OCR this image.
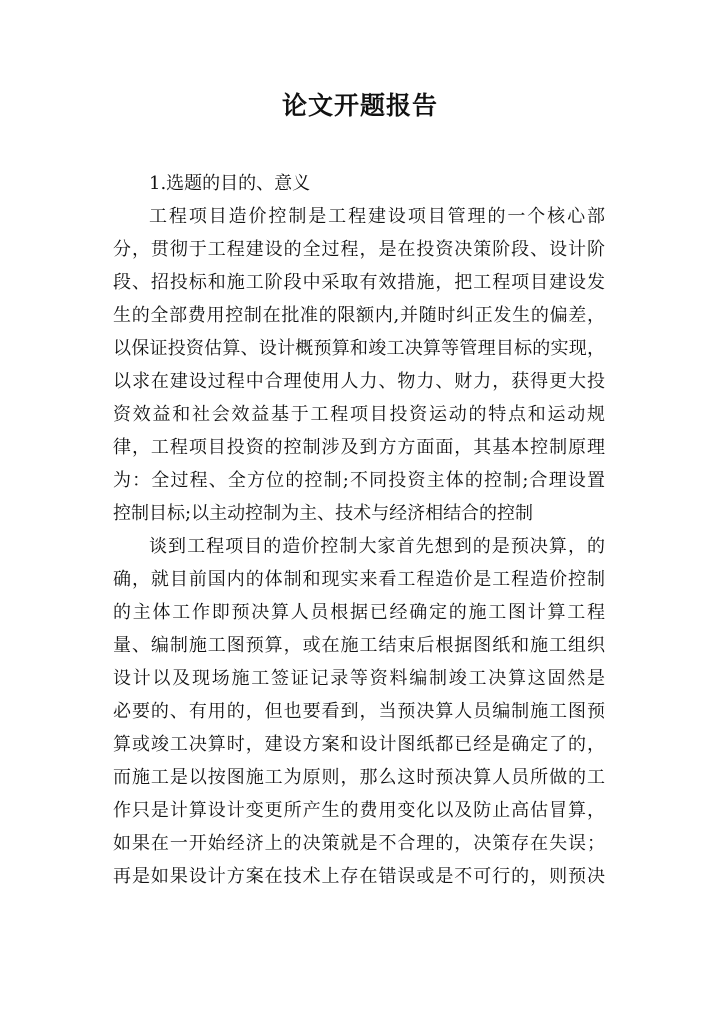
论文开题报告
1.选题的目的、意义
工程项目造价控制是工程建设项目管理的一个核心部
分，贯彻于工程建设的全过程，是在投资决策阶段、设计阶
段、招投标和施工阶段中采取有效措施，把工程项目建设发
生的全部费用控制在批准的限额内,并随时纠正发生的偏差，
以保证投资估算、设计概预算和竣工决算等管理目标的实现，
以求在建设过程中合理使用人力、物力、财力，获得更大投
资效益和社会效益基于工程项目投资运动的特点和运动规
律，工程项目投资的控制涉及到方方面面，其基本控制原理
为：全过程、全方位的控制;不同投资主体的控制;合理设置
控制目标;以主动控制为主、技术与经济相结合的控制
谈到工程项目的造价控制大家首先想到的是预决算，的
确，就目前国内的体制和现实来看工程造价是工程造价控制
的主体工作即预决算人员根据已经确定的施工图计算工程
量、编制施工图预算，或在施工结束后根据图纸和施工组织
设计以及现场施工签证记录等资料编制竣工决算这固然是
必要的、有用的，但也要看到，当预决算人员编制施工图预
算或竣工决算时，建设方案和设计图纸都已经是确定了的，
而施工是以按图施工为原则，那么这时预决算人员所做的工
作只是计算设计变更所产生的费用变化以及防止高估冒算，
如果在一开始经济上的决策就是不合理的，决策存在失误；
再是如果设计方案在技术上存在错误或是不可行的，则预决
